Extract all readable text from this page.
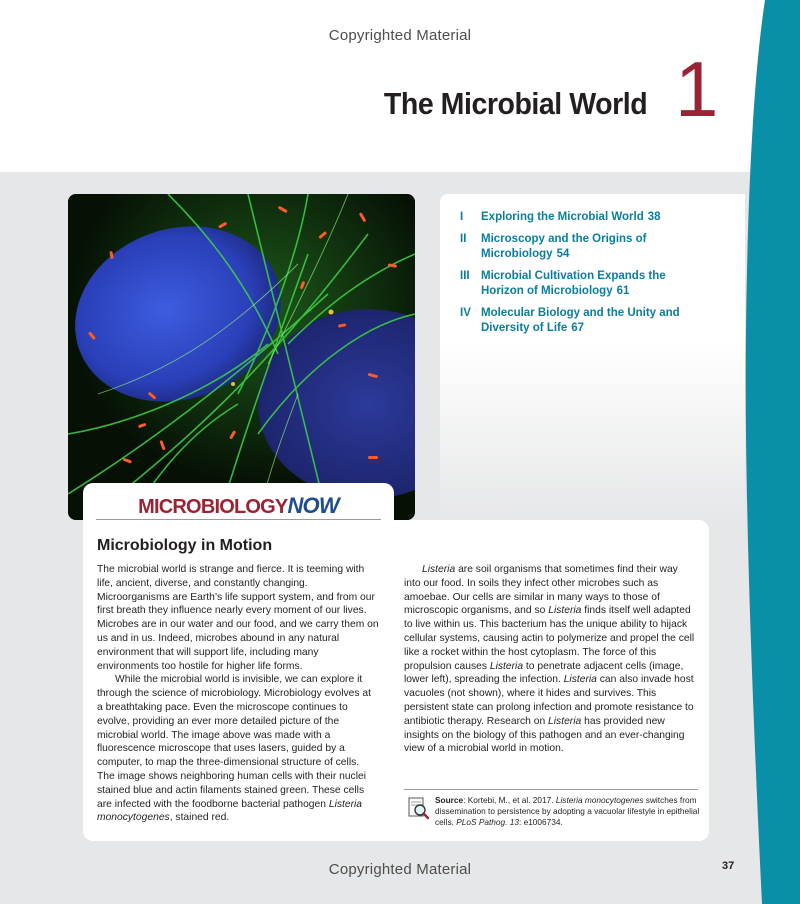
Copyrighted Material
The Microbial World 1
I	Exploring the Microbial World 38
II	Microscopy and the Origins of Microbiology 54
III Microbial Cultivation Expands the Horizon of Microbiology 61
IV Molecular Biology and the Unity and Diversity of Life 67
Microbiology in Motion

The microbial world is strange and fierce. It is teeming with life, ancient, diverse, and constantly changing. Microorganisms are Earth’s life support system, and from our first breath they influence nearly every moment of our lives. Microbes are in our water and our food, and we carry them on us and in us. Indeed, microbes abound in any natural environment that will support life, including many environments too hostile for higher life forms.

While the microbial world is invisible, we can explore it through the science of microbiology. Microbiology evolves at a breathtaking pace. Even the microscope continues to evolve, providing an ever more detailed picture of the microbial world. The image above was made with a fluorescence microscope that uses lasers, guided by a computer, to map the three-dimensional structure of cells. The image shows neighboring human cells with their nuclei stained blue and actin filaments stained green. These cells are infected with the foodborne bacterial pathogen Listeria monocytogenes, stained red.

Listeria are soil organisms that sometimes find their way into our food. In soils they infect other microbes such as amoebae. Our cells are similar in many ways to those of microscopic organisms, and so Listeria finds itself well adapted to live within us. This bacterium has the unique ability to hijack cellular systems, causing actin to polymerize and propel the cell like a rocket within the host cytoplasm. The force of this propulsion causes Listeria to penetrate adjacent cells (image, lower left), spreading the infection. Listeria can also invade host vacuoles (not shown), where it hides and survives. This persistent state can prolong infection and promote resistance to antibiotic therapy. Research on Listeria has provided new insights on the biology of this pathogen and an ever-changing view of a microbial world in motion.

Source: Kortebi, M., et al. 2017. Listeria monocytogenes switches from dissemination to persistence by adopting a vacuolar lifestyle in epithelial cells. PLoS Pathog. 13: e1006734.
MICROBIOLOGYNOW
Copyrighted Material	37
